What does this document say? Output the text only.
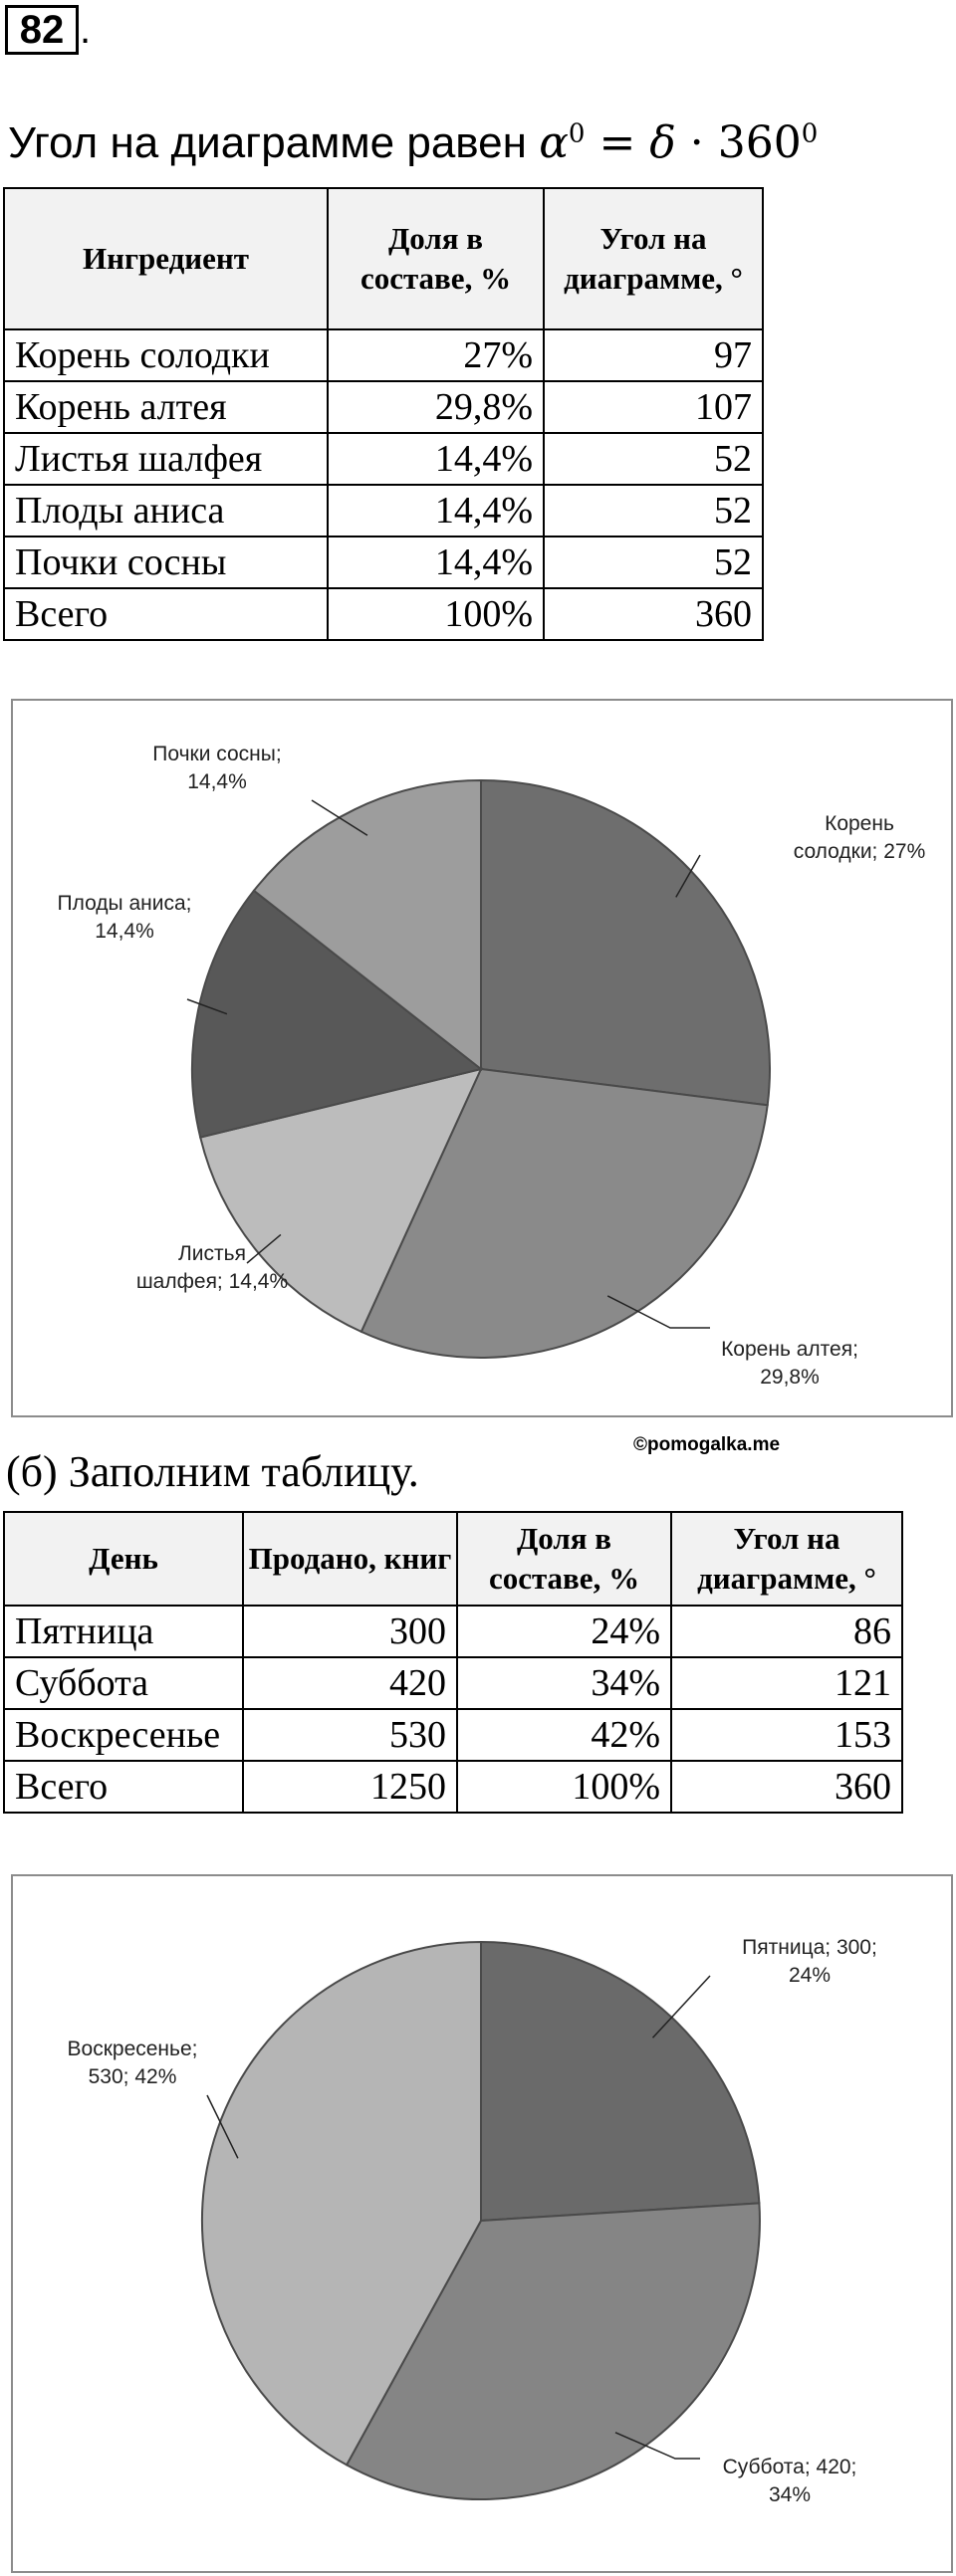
82 .
Угол на диаграмме равен $\alpha^0 = \delta \cdot 360^0$
Ингредиент	Доля в составе, %	Угол на диаграмме, °
Корень солодки	27%	97
Корень алтея	29,8%	107
Листья шалфея	14,4%	52
Плоды аниса	14,4%	52
Почки сосны	14,4%	52
Всего	100%	360
Корень солодки; 27%
Корень алтея; 29,8%
Листья шалфея; 14,4%
Плоды аниса; 14,4%
Почки сосны; 14,4%
©pomogalka.me
(б) Заполним таблицу.
День	Продано, книг	Доля в составе, %	Угол на диаграмме, °
Пятница	300	24%	86
Суббота	420	34%	121
Воскресенье	530	42%	153
Всего	1250	100%	360
Пятница; 300; 24%
Суббота; 420; 34%
Воскресенье; 530; 42%
